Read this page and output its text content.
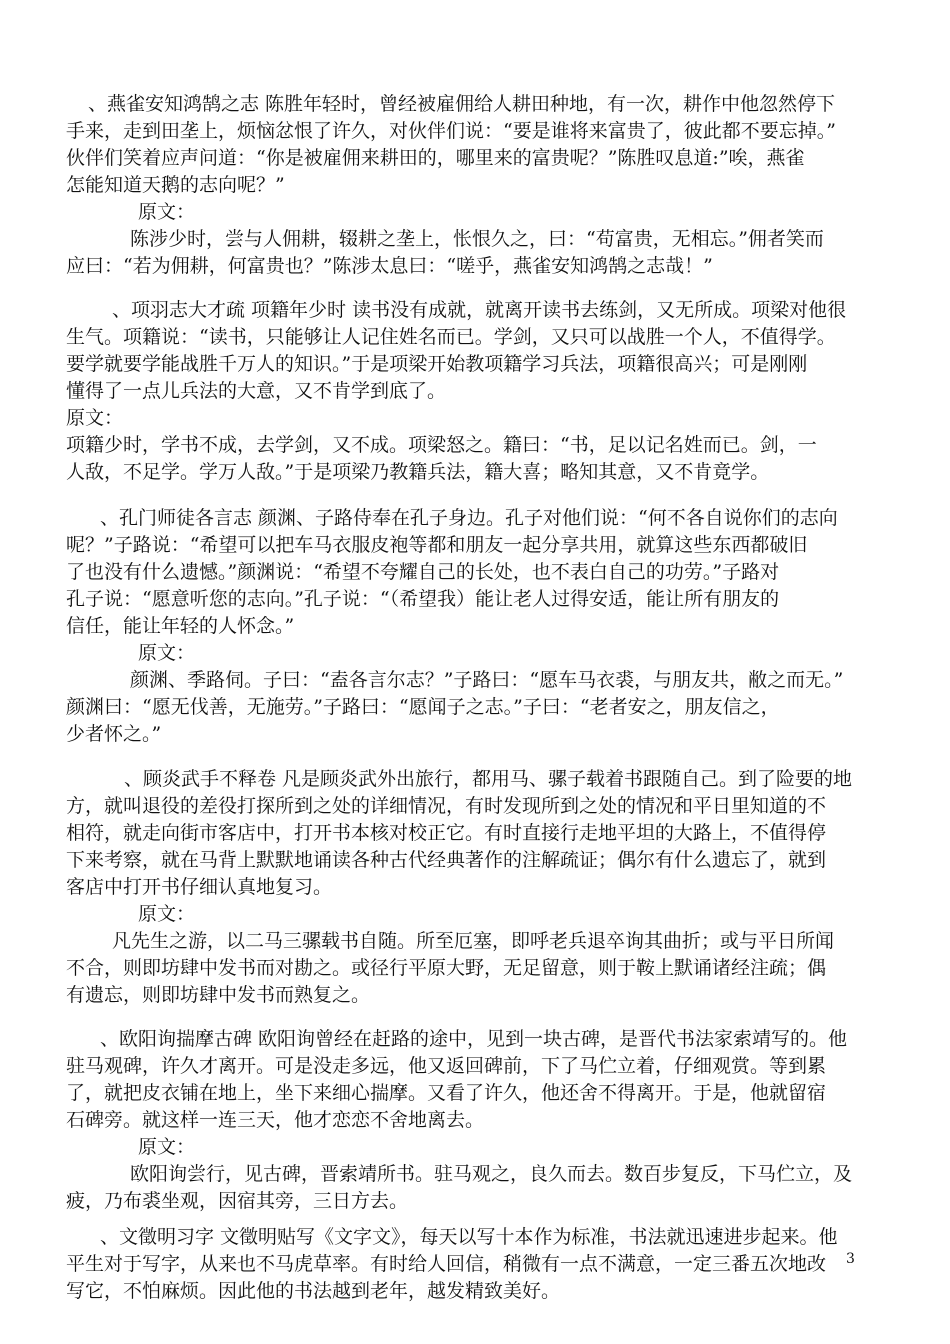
、燕雀安知鸿鹄之志 陈胜年轻时，曾经被雇佣给人耕田种地，有一次，耕作中他忽然停下
手来，走到田垄上，烦恼忿恨了许久，对伙伴们说：“要是谁将来富贵了，彼此都不要忘掉。”
伙伴们笑着应声问道：“你是被雇佣来耕田的，哪里来的富贵呢？”陈胜叹息道:”唉，燕雀
怎能知道天鹅的志向呢？”
原文：
陈涉少时，尝与人佣耕，辍耕之垄上，怅恨久之，曰：“苟富贵，无相忘。”佣者笑而
应曰：“若为佣耕，何富贵也？”陈涉太息曰：“嗟乎，燕雀安知鸿鹄之志哉！”
、项羽志大才疏 项籍年少时 读书没有成就，就离开读书去练剑，又无所成。项梁对他很
生气。项籍说：“读书，只能够让人记住姓名而已。学剑，又只可以战胜一个人，不值得学。
要学就要学能战胜千万人的知识。”于是项梁开始教项籍学习兵法，项籍很高兴；可是刚刚
懂得了一点儿兵法的大意，又不肯学到底了。
原文：
项籍少时，学书不成，去学剑，又不成。项梁怒之。籍曰：“书，足以记名姓而已。剑，一
人敌，不足学。学万人敌。”于是项梁乃教籍兵法，籍大喜；略知其意，又不肯竟学。
、孔门师徒各言志 颜渊、子路侍奉在孔子身边。孔子对他们说：“何不各自说你们的志向
呢？”子路说：“希望可以把车马衣服皮袍等都和朋友一起分享共用，就算这些东西都破旧
了也没有什么遗憾。”颜渊说：“希望不夸耀自己的长处，也不表白自己的功劳。”子路对
孔子说：“愿意听您的志向。”孔子说：“（希望我）能让老人过得安适，能让所有朋友的
信任，能让年轻的人怀念。”
原文：
颜渊、季路伺。子曰：“盍各言尔志？”子路曰：“愿车马衣裘，与朋友共，敝之而无。”
颜渊曰：“愿无伐善，无施劳。”子路曰：“愿闻子之志。”子曰：“老者安之，朋友信之，
少者怀之。”
、顾炎武手不释卷 凡是顾炎武外出旅行，都用马、骡子载着书跟随自己。到了险要的地
方，就叫退役的差役打探所到之处的详细情况，有时发现所到之处的情况和平日里知道的不
相符，就走向街市客店中，打开书本核对校正它。有时直接行走地平坦的大路上，不值得停
下来考察，就在马背上默默地诵读各种古代经典著作的注解疏证；偶尔有什么遗忘了，就到
客店中打开书仔细认真地复习。
原文：
凡先生之游，以二马三骡载书自随。所至厄塞，即呼老兵退卒询其曲折；或与平日所闻
不合，则即坊肆中发书而对勘之。或径行平原大野，无足留意，则于鞍上默诵诸经注疏；偶
有遗忘，则即坊肆中发书而熟复之。
、欧阳询揣摩古碑 欧阳询曾经在赶路的途中，见到一块古碑，是晋代书法家索靖写的。他
驻马观碑，许久才离开。可是没走多远，他又返回碑前，下了马伫立着，仔细观赏。等到累
了，就把皮衣铺在地上，坐下来细心揣摩。又看了许久，他还舍不得离开。于是，他就留宿
石碑旁。就这样一连三天，他才恋恋不舍地离去。
原文：
欧阳询尝行，见古碑，晋索靖所书。驻马观之，良久而去。数百步复反，下马伫立，及
疲，乃布裘坐观，因宿其旁，三日方去。
、文徵明习字 文徵明贴写《文字文》，每天以写十本作为标准，书法就迅速进步起来。他
平生对于写字，从来也不马虎草率。有时给人回信，稍微有一点不满意，一定三番五次地改
写它，不怕麻烦。因此他的书法越到老年，越发精致美好。
3
